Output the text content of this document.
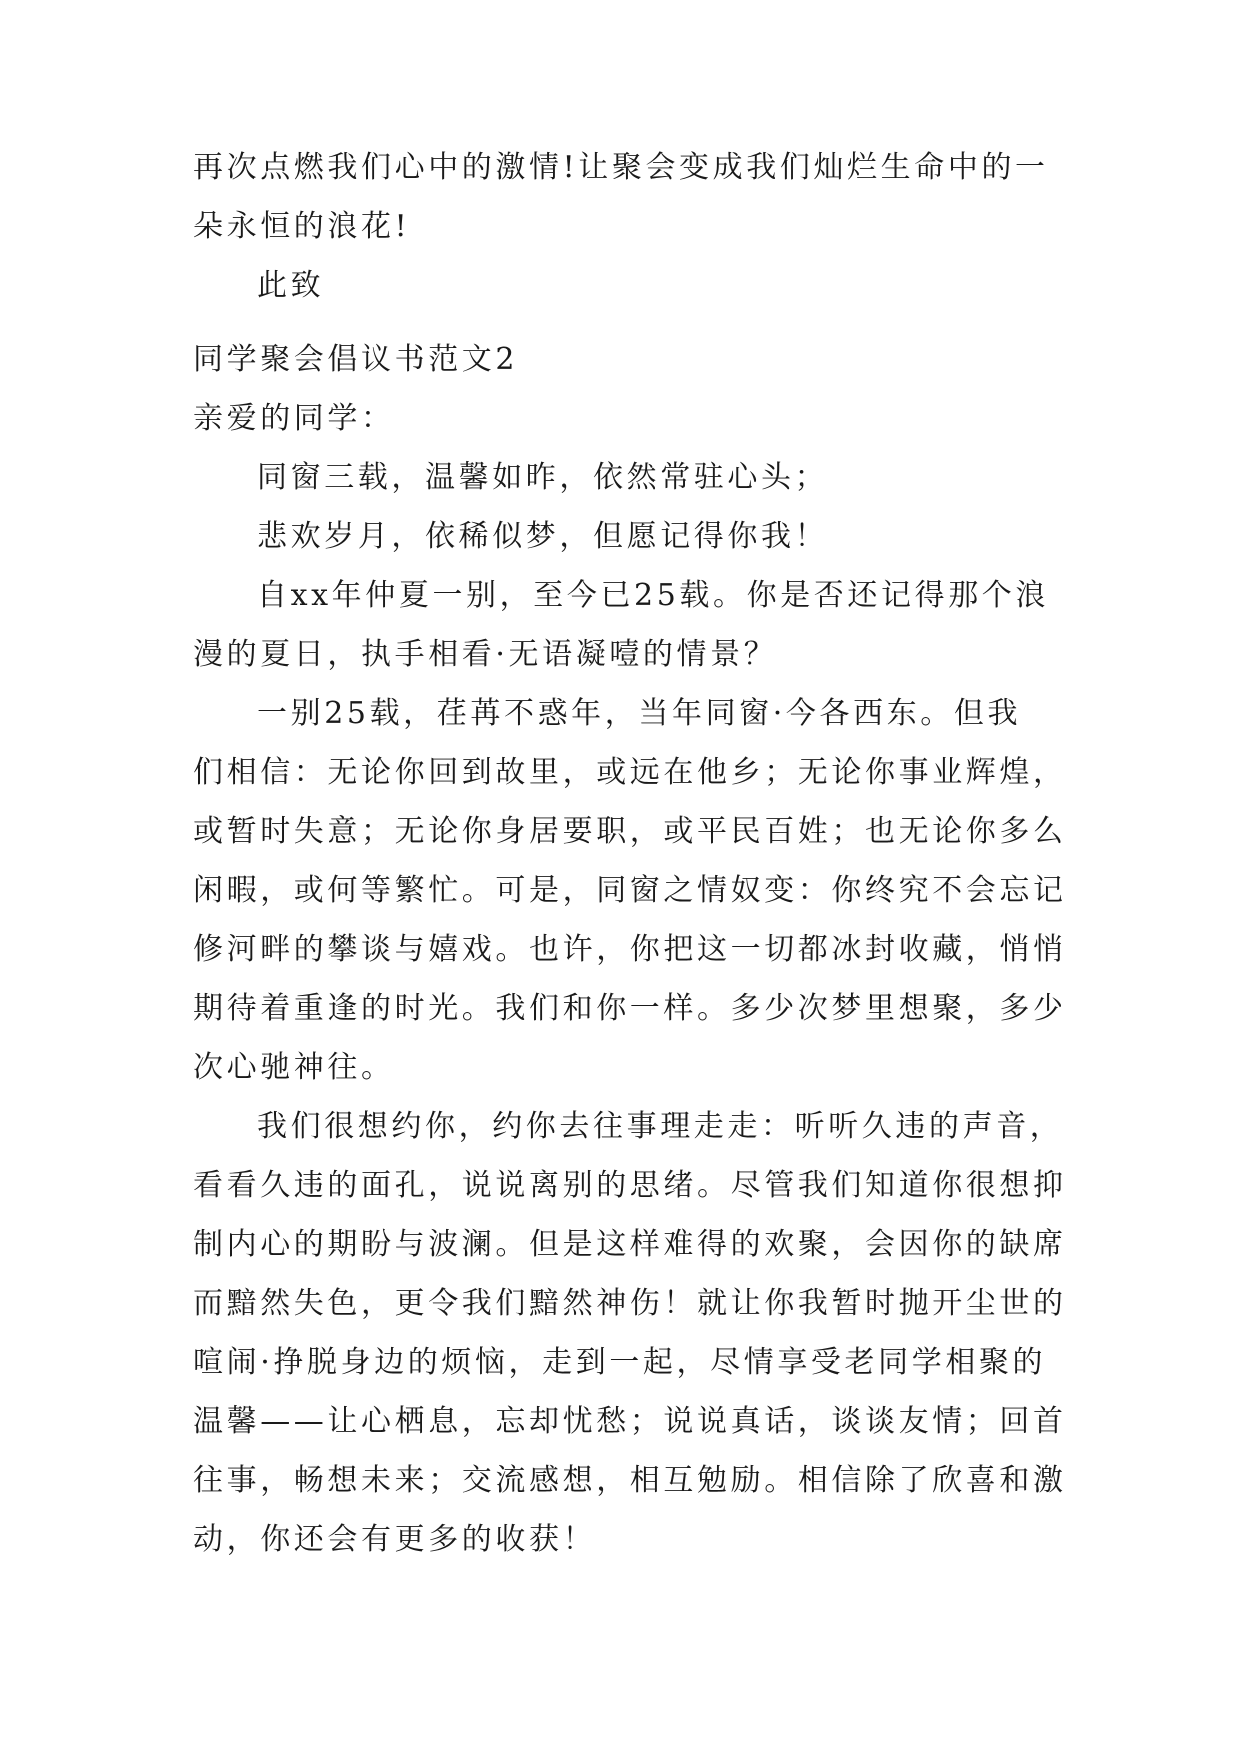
再次点燃我们心中的激情!让聚会变成我们灿烂生命中的一
朵永恒的浪花!
此致
同学聚会倡议书范文2
亲爱的同学：
同窗三载，温馨如昨，依然常驻心头；
悲欢岁月，依稀似梦，但愿记得你我！
自xx年仲夏一别，至今已25载。你是否还记得那个浪
漫的夏日，执手相看·无语凝噎的情景？
一别25载，荏苒不惑年，当年同窗·今各西东。但我
们相信：无论你回到故里，或远在他乡；无论你事业辉煌，
或暂时失意；无论你身居要职，或平民百姓；也无论你多么
闲暇，或何等繁忙。可是，同窗之情奴变：你终究不会忘记
修河畔的攀谈与嬉戏。也许，你把这一切都冰封收藏，悄悄
期待着重逢的时光。我们和你一样。多少次梦里想聚，多少
次心驰神往。
我们很想约你，约你去往事理走走：听听久违的声音，
看看久违的面孔，说说离别的思绪。尽管我们知道你很想抑
制内心的期盼与波澜。但是这样难得的欢聚，会因你的缺席
而黯然失色，更令我们黯然神伤！就让你我暂时抛开尘世的
喧闹·挣脱身边的烦恼，走到一起，尽情享受老同学相聚的
温馨——让心栖息，忘却忧愁；说说真话，谈谈友情；回首
往事，畅想未来；交流感想，相互勉励。相信除了欣喜和激
动，你还会有更多的收获！
